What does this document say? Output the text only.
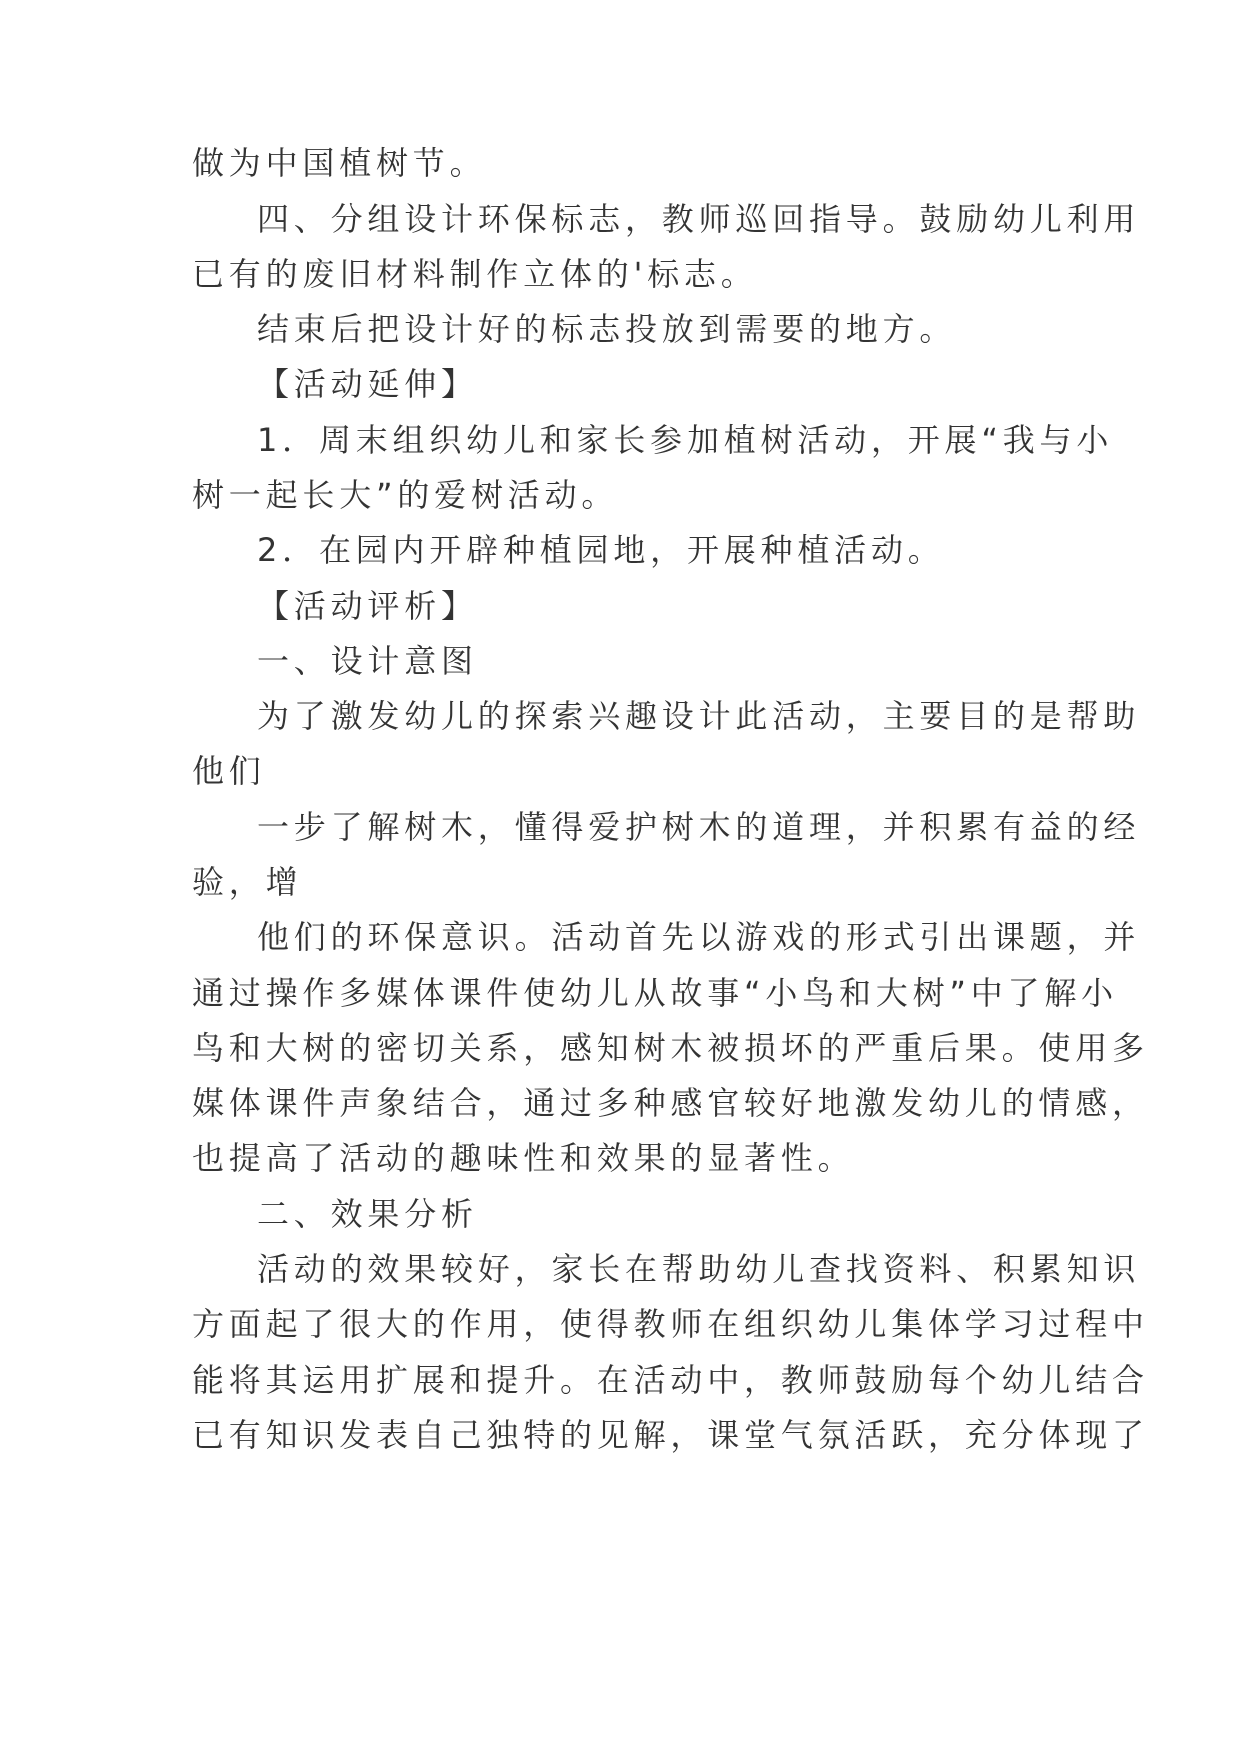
做为中国植树节。
四、分组设计环保标志，教师巡回指导。鼓励幼儿利用
已有的废旧材料制作立体的'标志。
结束后把设计好的标志投放到需要的地方。
【活动延伸】
1．周末组织幼儿和家长参加植树活动，开展“我与小
树一起长大”的爱树活动。
2．在园内开辟种植园地，开展种植活动。
【活动评析】
一、设计意图
为了激发幼儿的探索兴趣设计此活动，主要目的是帮助
他们
一步了解树木，懂得爱护树木的道理，并积累有益的经
验，增
他们的环保意识。活动首先以游戏的形式引出课题，并
通过操作多媒体课件使幼儿从故事“小鸟和大树”中了解小
鸟和大树的密切关系，感知树木被损坏的严重后果。使用多
媒体课件声象结合，通过多种感官较好地激发幼儿的情感，
也提高了活动的趣味性和效果的显著性。
二、效果分析
活动的效果较好，家长在帮助幼儿查找资料、积累知识
方面起了很大的作用，使得教师在组织幼儿集体学习过程中
能将其运用扩展和提升。在活动中，教师鼓励每个幼儿结合
已有知识发表自己独特的见解，课堂气氛活跃，充分体现了
